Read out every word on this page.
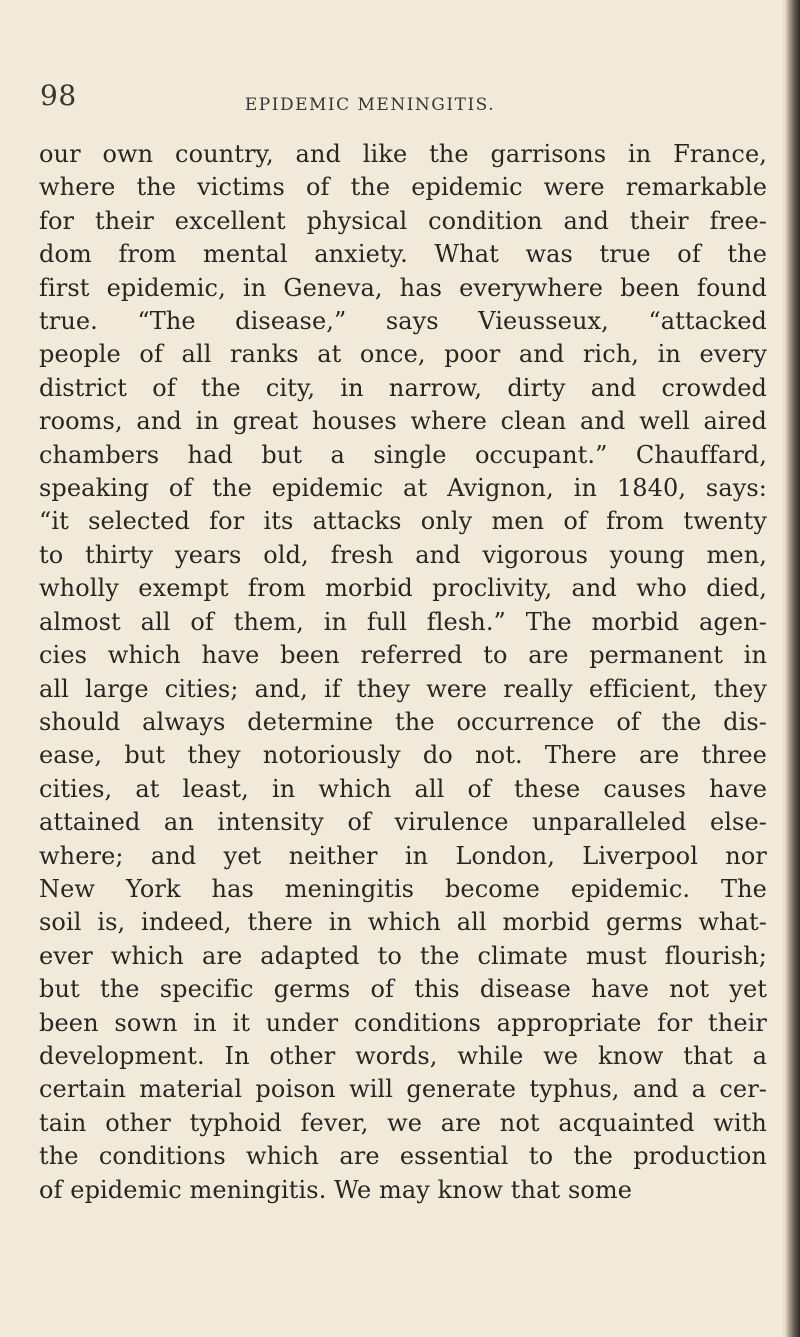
98	EPIDEMIC MENINGITIS.
our own country, and like the garrisons in France,
where the victims of the epidemic were remarkable
for their excellent physical condition and their free-
dom from mental anxiety. What was true of the
first epidemic, in Geneva, has everywhere been found
true. “The disease,” says Vieusseux, “attacked
people of all ranks at once, poor and rich, in every
district of the city, in narrow, dirty and crowded
rooms, and in great houses where clean and well aired
chambers had but a single occupant.” Chauffard,
speaking of the epidemic at Avignon, in 1840, says:
“it selected for its attacks only men of from twenty
to thirty years old, fresh and vigorous young men,
wholly exempt from morbid proclivity, and who died,
almost all of them, in full flesh.” The morbid agen-
cies which have been referred to are permanent in
all large cities; and, if they were really efficient, they
should always determine the occurrence of the dis-
ease, but they notoriously do not. There are three
cities, at least, in which all of these causes have
attained an intensity of virulence unparalleled else-
where; and yet neither in London, Liverpool nor
New York has meningitis become epidemic. The
soil is, indeed, there in which all morbid germs what-
ever which are adapted to the climate must flourish;
but the specific germs of this disease have not yet
been sown in it under conditions appropriate for their
development. In other words, while we know that a
certain material poison will generate typhus, and a cer-
tain other typhoid fever, we are not acquainted with
the conditions which are essential to the production
of epidemic meningitis. We may know that some
